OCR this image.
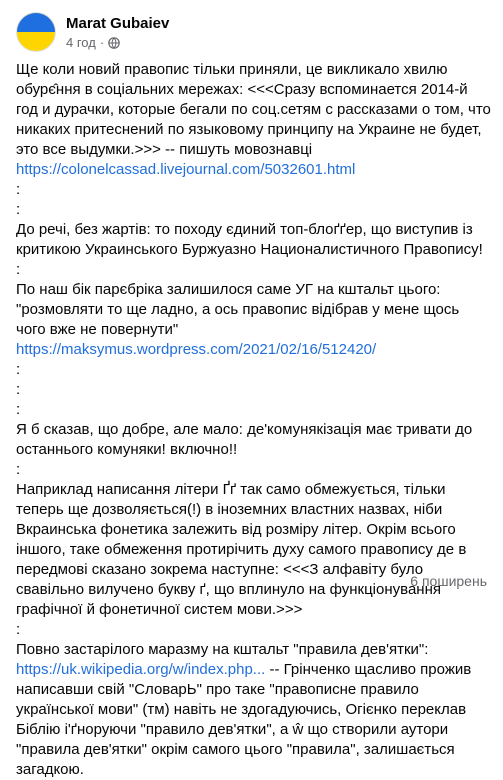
Marat Gubaiev
4 год ·
Ще коли новий правопис тільки приняли, це викликало хвилю обурє̂ння в соціальних мережах: <<<Сразу вспоминается 2014-й год и дурачки, которые бегали по соц.сетям с рассказами о том, что никаких притеснений по языковому принципу на Украине не будет, это все выдумки.>>> -- пишуть мовознавці https://colonelcassad.livejournal.com/5032601.html
:
:
До речі, без жартів: то походу єдиний топ-блоґґер, що виступив із критикою Украинського Буржуазно Националистичного Правопису!
:
По наш бік парєбріка залишилося саме УГ на кштальт цього: "розмовляти то ще ладно, а ось правопис відібрав у мене щось чого вже не повернути" https://maksymus.wordpress.com/2021/02/16/512420/
:
:
:
Я б сказав, що добре, але мало: де'комунякізація має тривати до останнього комуняки! включно!!
:
Наприклад написання літери Ґґ так само обмежується, тільки теперь ще дозволяється(!) в іноземних властних назвах, ніби Вкраинська фонетика залежить від розміру літер. Окрім всього іншого, таке обмеження протирічить духу самого правопису де в передмові сказано зокрема наступне: <<<З алфавіту було свавільно вилучено букву ґ, що вплинуло на функціонування графічної й фонетичної систем мови.>>>
:
Повно застарілого маразму на кштальт "правила дев'ятки": https://uk.wikipedia.org/w/index.php... -- Грінченко щасливо прожив написавши свій "СловарЬ" про таке "правописне правило української мови" (тм) навіть не здогадуючись, Огієнко переклав Біблію і'ґноруючи "правило дев'ятки", а ŵ що створили аутори "правила дев'ятки" окрім самого цього "правила", залишається загадкою.
6 поширень
